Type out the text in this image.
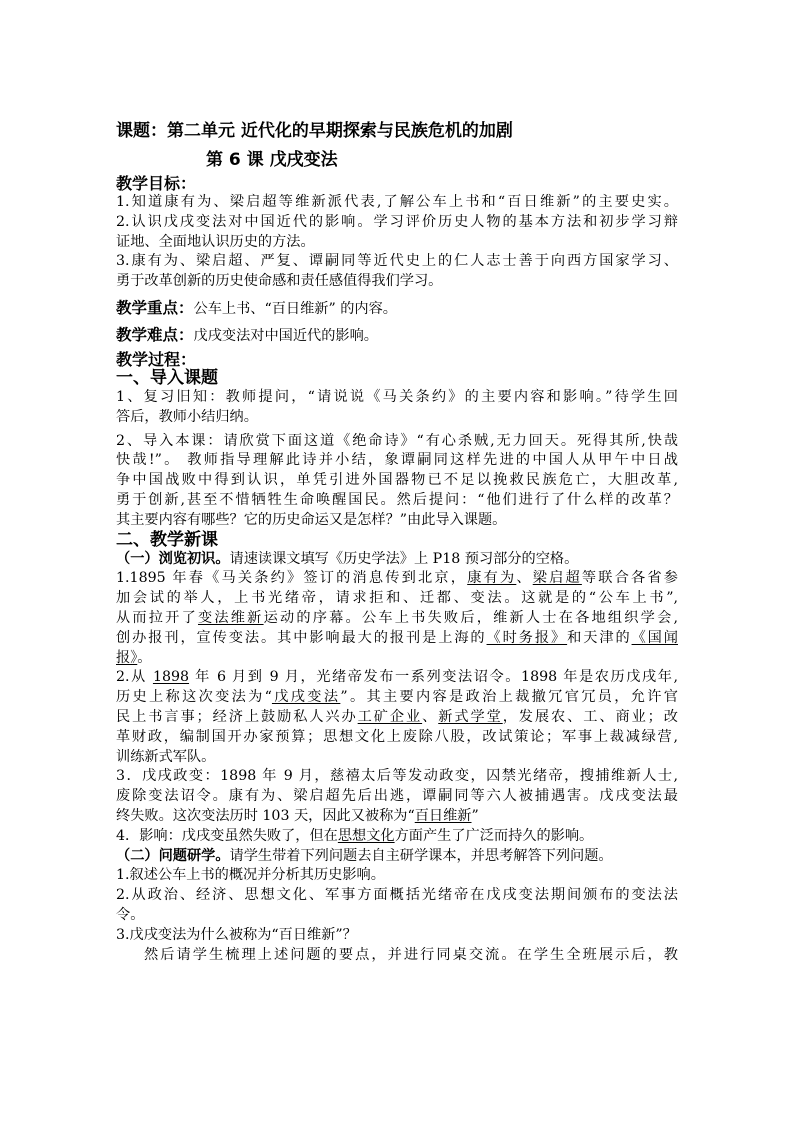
课题：第二单元 近代化的早期探索与民族危机的加剧
第 6 课 戊戌变法
教学目标：
1.知道康有为、梁启超等维新派代表,了解公车上书和“百日维新”的主要史实。
2.认识戊戌变法对中国近代的影响。学习评价历史人物的基本方法和初步学习辩
证地、全面地认识历史的方法。
3.康有为、梁启超、严复、谭嗣同等近代史上的仁人志士善于向西方国家学习、
勇于改革创新的历史使命感和责任感值得我们学习。
教学重点：公车上书、“百日维新” 的内容。
教学难点：戊戌变法对中国近代的影响。
教学过程：
一、导入课题
1、复习旧知：教师提问，“请说说《马关条约》的主要内容和影响。”待学生回
答后，教师小结归纳。
2、导入本课：请欣赏下面这道《绝命诗》“有心杀贼,无力回天。死得其所,快哉
快哉!”。 教师指导理解此诗并小结，象谭嗣同这样先进的中国人从甲午中日战
争中国战败中得到认识，单凭引进外国器物已不足以挽救民族危亡，大胆改革,
勇于创新,甚至不惜牺牲生命唤醒国民。然后提问：“他们进行了什么样的改革？
其主要内容有哪些？它的历史命运又是怎样？”由此导入课题。
二、教学新课
（一）浏览初识。请速读课文填写《历史学法》上 P18 预习部分的空格。
1.1895 年春《马关条约》签订的消息传到北京，康有为、梁启超等联合各省参
加会试的举人，上书光绪帝，请求拒和、迁都、变法。这就是的“公车上书”,
从而拉开了变法维新运动的序幕。公车上书失败后，维新人士在各地组织学会,
创办报刊，宣传变法。其中影响最大的报刊是上海的《时务报》和天津的《国闻
报》。
2.从 1898 年 6 月到 9 月，光绪帝发布一系列变法诏令。1898 年是农历戊戌年,
历史上称这次变法为“戊戌变法”。其主要内容是政治上裁撤冗官冗员，允许官
民上书言事；经济上鼓励私人兴办工矿企业、新式学堂，发展农、工、商业；改
革财政，编制国开办家预算；思想文化上废除八股，改试策论；军事上裁减绿营,
训练新式军队。
3．戊戌政变：1898 年 9 月，慈禧太后等发动政变，囚禁光绪帝，搜捕维新人士,
废除变法诏令。康有为、梁启超先后出逃，谭嗣同等六人被捕遇害。戊戌变法最
终失败。这次变法历时 103 天，因此又被称为“百日维新”
4．影响：戊戌变虽然失败了，但在思想文化方面产生了广泛而持久的影响。
（二）问题研学。请学生带着下列问题去自主研学课本，并思考解答下列问题。
1.叙述公车上书的概况并分析其历史影响。
2.从政治、经济、思想文化、军事方面概括光绪帝在戊戌变法期间颁布的变法法
令。
3.戊戌变法为什么被称为“百日维新”？
然后请学生梳理上述问题的要点，并进行同桌交流。在学生全班展示后，教
